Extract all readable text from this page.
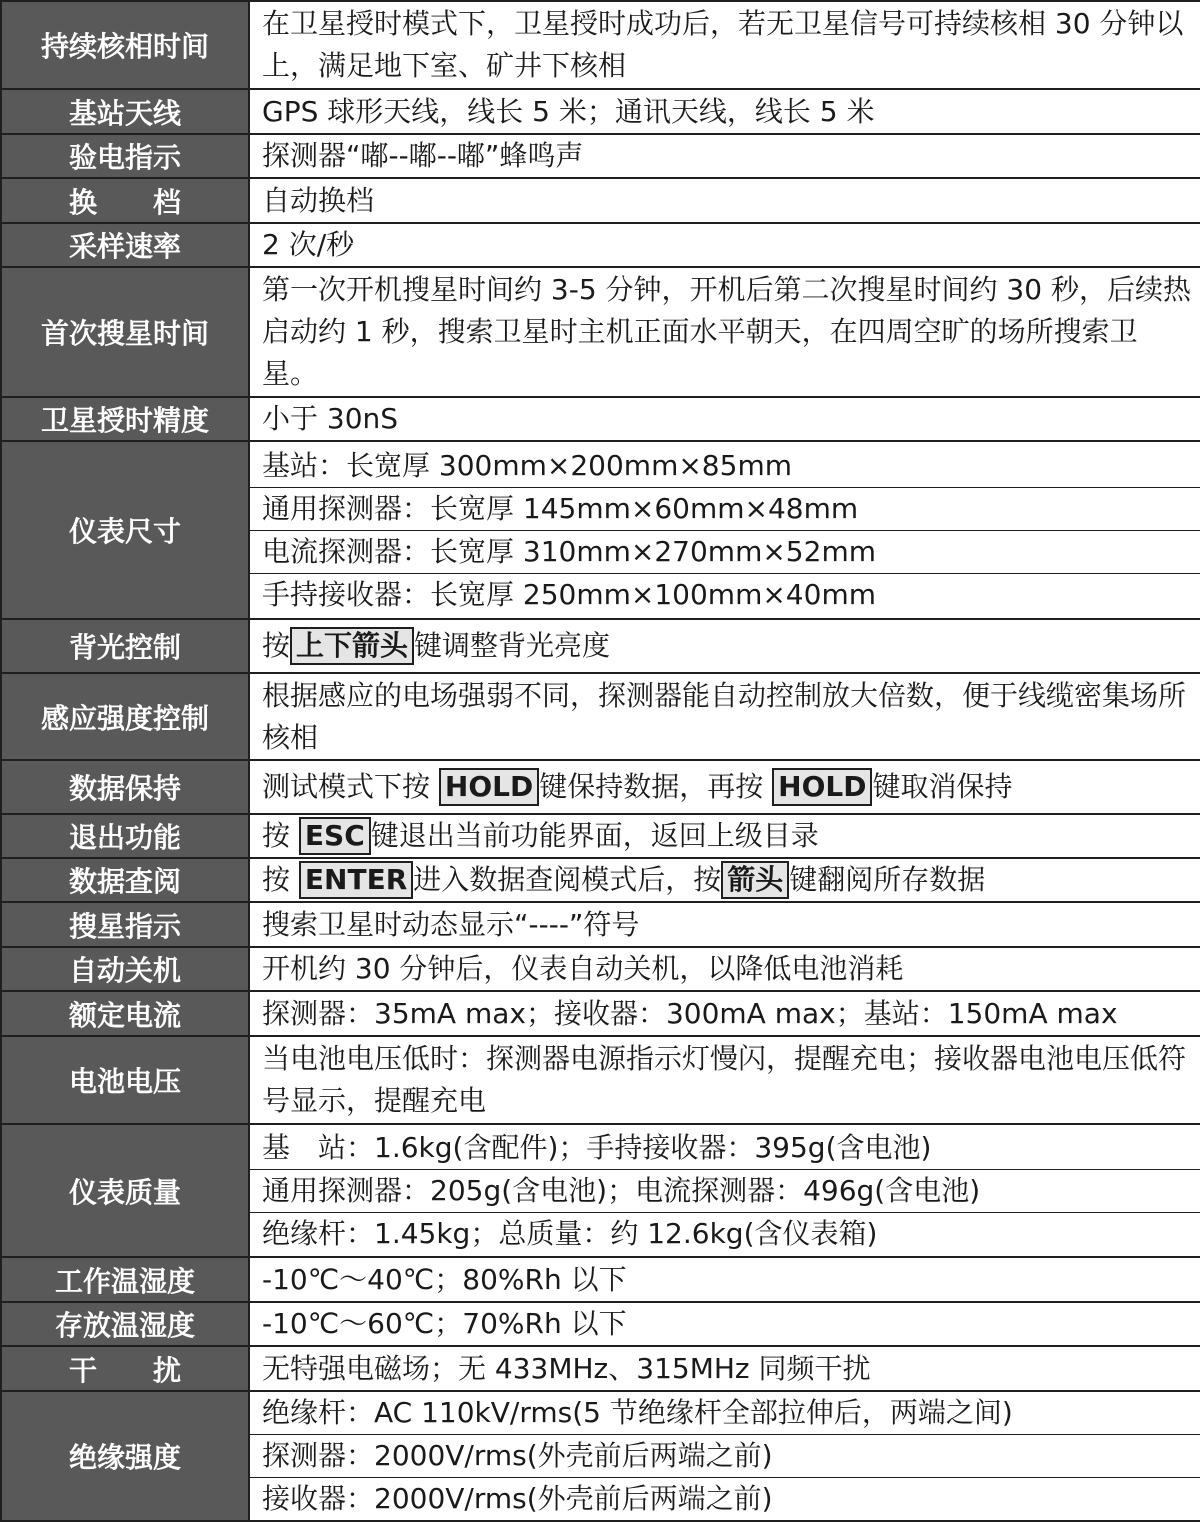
持续核相时间	在卫星授时模式下，卫星授时成功后，若无卫星信号可持续核相 30 分钟以上，满足地下室、矿井下核相
基站天线	GPS 球形天线，线长 5 米；通讯天线，线长 5 米
验电指示	探测器“嘟--嘟--嘟”蜂鸣声
换　　档	自动换档
采样速率	2 次/秒
首次搜星时间	第一次开机搜星时间约 3-5 分钟，开机后第二次搜星时间约 30 秒，后续热启动约 1 秒，搜索卫星时主机正面水平朝天，在四周空旷的场所搜索卫星。
卫星授时精度	小于 30nS
仪表尺寸	基站：长宽厚 300mm×200mm×85mm
通用探测器：长宽厚 145mm×60mm×48mm
电流探测器：长宽厚 310mm×270mm×52mm
手持接收器：长宽厚 250mm×100mm×40mm

背光控制	按 上下箭头 键调整背光亮度
感应强度控制	根据感应的电场强弱不同，探测器能自动控制放大倍数，便于线缆密集场所核相
数据保持	测试模式下按 HOLD 键保持数据，再按 HOLD 键取消保持
退出功能	按 ESC 键退出当前功能界面，返回上级目录
数据查阅	按 ENTER 进入数据查阅模式后，按 箭头 键翻阅所存数据
搜星指示	搜索卫星时动态显示“----”符号
自动关机	开机约 30 分钟后，仪表自动关机，以降低电池消耗
额定电流	探测器：35mA max；接收器：300mA max；基站：150mA max
电池电压	当电池电压低时：探测器电源指示灯慢闪，提醒充电；接收器电池电压低符号显示，提醒充电
仪表质量	基　站：1.6kg(含配件)；手持接收器：395g(含电池)
通用探测器：205g(含电池)；电流探测器：496g(含电池)
绝缘杆：1.45kg；总质量：约 12.6kg(含仪表箱)

工作温湿度	-10℃～40℃；80%Rh 以下
存放温湿度	-10℃～60℃；70%Rh 以下
干　　扰	无特强电磁场；无 433MHz、315MHz 同频干扰
绝缘强度	绝缘杆：AC 110kV/rms(5 节绝缘杆全部拉伸后，两端之间)
探测器：2000V/rms(外壳前后两端之前)
接收器：2000V/rms(外壳前后两端之前)
